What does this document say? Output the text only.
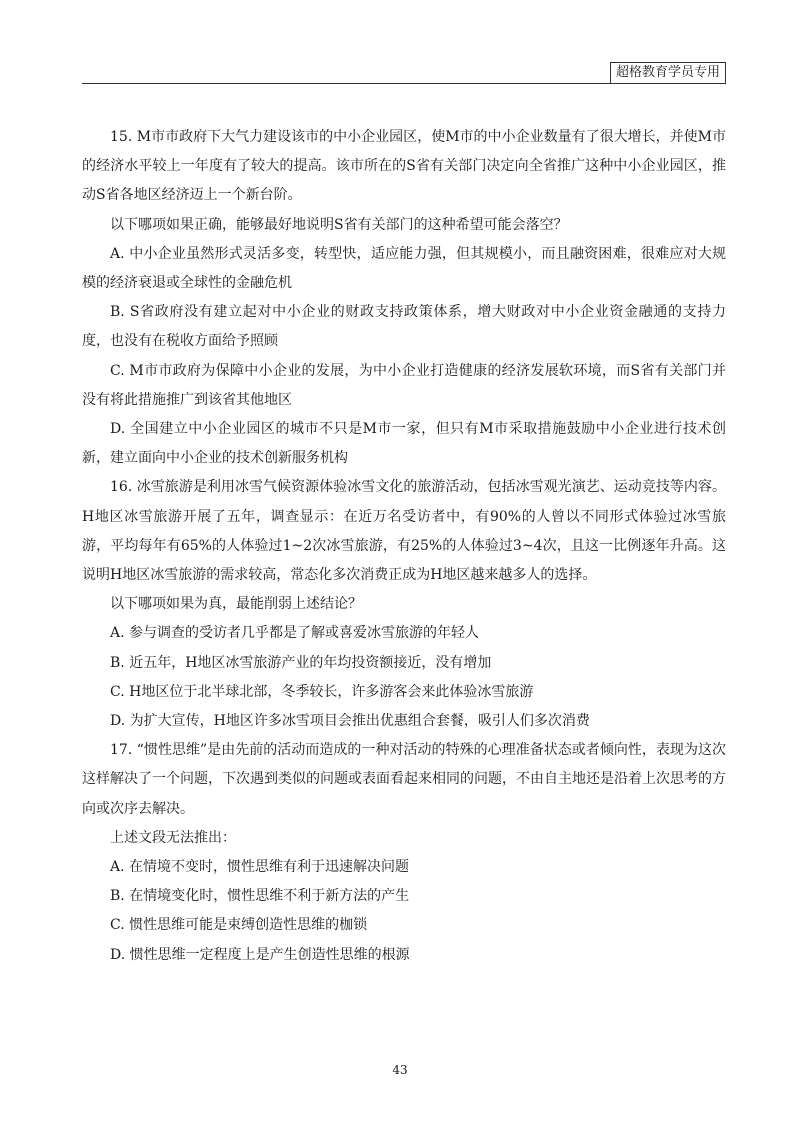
超格教育学员专用

15. M市市政府下大气力建设该市的中小企业园区，使M市的中小企业数量有了很大增长，并使M市的经济水平较上一年度有了较大的提高。该市所在的S省有关部门决定向全省推广这种中小企业园区，推动S省各地区经济迈上一个新台阶。

以下哪项如果正确，能够最好地说明S省有关部门的这种希望可能会落空？

A. 中小企业虽然形式灵活多变，转型快，适应能力强，但其规模小，而且融资困难，很难应对大规模的经济衰退或全球性的金融危机

B. S省政府没有建立起对中小企业的财政支持政策体系，增大财政对中小企业资金融通的支持力度，也没有在税收方面给予照顾

C. M市市政府为保障中小企业的发展，为中小企业打造健康的经济发展软环境，而S省有关部门并没有将此措施推广到该省其他地区

D. 全国建立中小企业园区的城市不只是M市一家，但只有M市采取措施鼓励中小企业进行技术创新，建立面向中小企业的技术创新服务机构

16. 冰雪旅游是利用冰雪气候资源体验冰雪文化的旅游活动，包括冰雪观光演艺、运动竞技等内容。H地区冰雪旅游开展了五年，调查显示：在近万名受访者中，有90%的人曾以不同形式体验过冰雪旅游，平均每年有65%的人体验过1~2次冰雪旅游，有25%的人体验过3~4次，且这一比例逐年升高。这说明H地区冰雪旅游的需求较高，常态化多次消费正成为H地区越来越多人的选择。

以下哪项如果为真，最能削弱上述结论？

A. 参与调查的受访者几乎都是了解或喜爱冰雪旅游的年轻人

B. 近五年，H地区冰雪旅游产业的年均投资额接近，没有增加

C. H地区位于北半球北部，冬季较长，许多游客会来此体验冰雪旅游

D. 为扩大宣传，H地区许多冰雪项目会推出优惠组合套餐，吸引人们多次消费

17. “惯性思维”是由先前的活动而造成的一种对活动的特殊的心理准备状态或者倾向性，表现为这次这样解决了一个问题，下次遇到类似的问题或表面看起来相同的问题，不由自主地还是沿着上次思考的方向或次序去解决。

上述文段无法推出：

A. 在情境不变时，惯性思维有利于迅速解决问题

B. 在情境变化时，惯性思维不利于新方法的产生

C. 惯性思维可能是束缚创造性思维的枷锁

D. 惯性思维一定程度上是产生创造性思维的根源

43
